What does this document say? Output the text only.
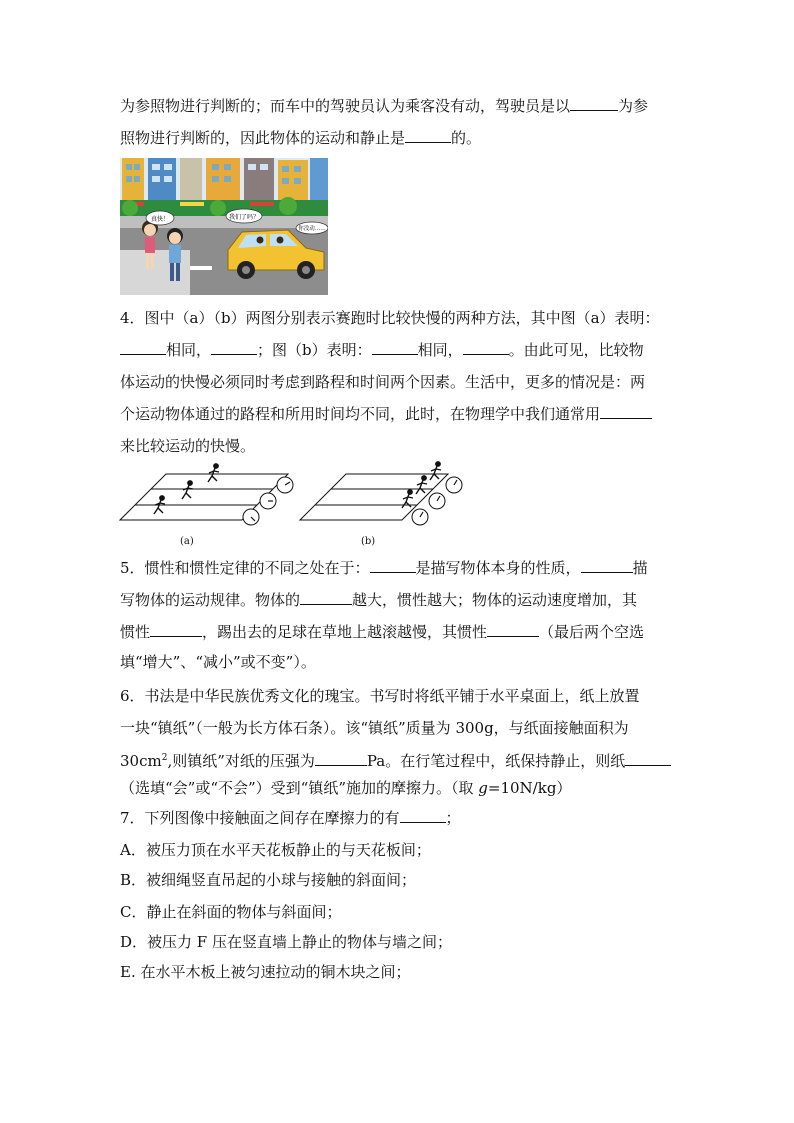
为参照物进行判断的；而车中的驾驶员认为乘客没有动，驾驶员是以	为参
照物进行判断的，因此物体的运动和静止是	的。
真快！	我们了吗？
你没动……
4．图中（a）（b）两图分别表示赛跑时比较快慢的两种方法，其中图（a）表明：
相同，	；图（b）表明：	相同，	。由此可见，比较物
体运动的快慢必须同时考虑到路程和时间两个因素。生活中，更多的情况是：两
个运动物体通过的路程和所用时间均不同，此时，在物理学中我们通常用
来比较运动的快慢。
(a)	(b)
5．惯性和惯性定律的不同之处在于：	是描写物体本身的性质，	描
写物体的运动规律。物体的	越大，惯性越大；物体的运动速度增加，其
惯性	，踢出去的足球在草地上越滚越慢，其惯性	（最后两个空选
填“增大”、“减小”或不变”）。
6．书法是中华民族优秀文化的瑰宝。书写时将纸平铺于水平桌面上，纸上放置
一块“镇纸”（一般为长方体石条）。该“镇纸”质量为 300g，与纸面接触面积为
$30cm^2$,则镇纸”对纸的压强为	Pa。在行笔过程中，纸保持静止，则纸
（选填“会”或“不会”）受到“镇纸”施加的摩擦力。（取 g=10N/kg）
7．下列图像中接触面之间存在摩擦力的有	；
A．被压力顶在水平天花板静止的与天花板间；
B．被细绳竖直吊起的小球与接触的斜面间；
C．静止在斜面的物体与斜面间；
D．被压力 F 压在竖直墙上静止的物体与墙之间；
E. 在水平木板上被匀速拉动的铜木块之间；
